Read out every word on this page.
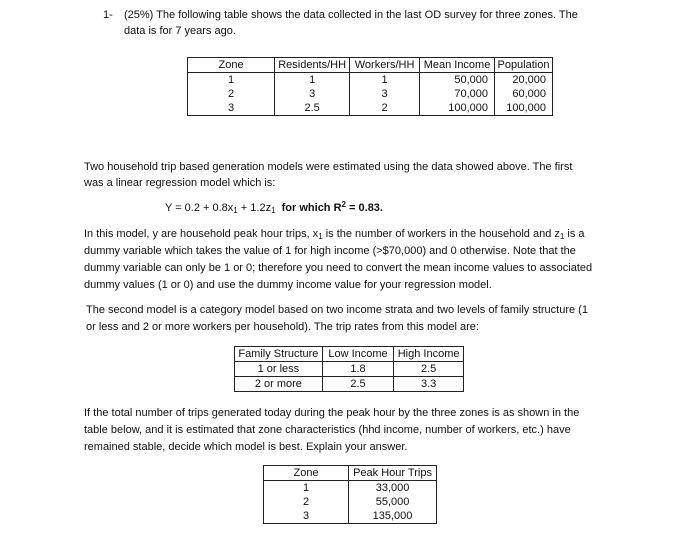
1- (25%) The following table shows the data collected in the last OD survey for three zones. The
data is for 7 years ago.
Zone	Residents/HH	Workers/HH	Mean Income	Population
1	1	1	50,000	20,000
2	3	3	70,000	60,000
3	2.5	2	100,000	100,000
Two household trip based generation models were estimated using the data showed above. The first
was a linear regression model which is:
$Y = 0.2 + 0.8x_1 + 1.2z_1$  for which $R^2 = 0.83$.
In this model, y are household peak hour trips, $x_1$ is the number of workers in the household and $z_1$ is a
dummy variable which takes the value of 1 for high income (>$70,000) and 0 otherwise. Note that the
dummy variable can only be 1 or 0; therefore you need to convert the mean income values to associated
dummy values (1 or 0) and use the dummy income value for your regression model.
The second model is a category model based on two income strata and two levels of family structure (1
or less and 2 or more workers per household). The trip rates from this model are:
Family Structure	Low Income	High Income
1 or less	1.8	2.5
2 or more	2.5	3.3
If the total number of trips generated today during the peak hour by the three zones is as shown in the
table below, and it is estimated that zone characteristics (hhd income, number of workers, etc.) have
remained stable, decide which model is best. Explain your answer.
Zone	Peak Hour Trips
1	33,000
2	55,000
3	135,000
